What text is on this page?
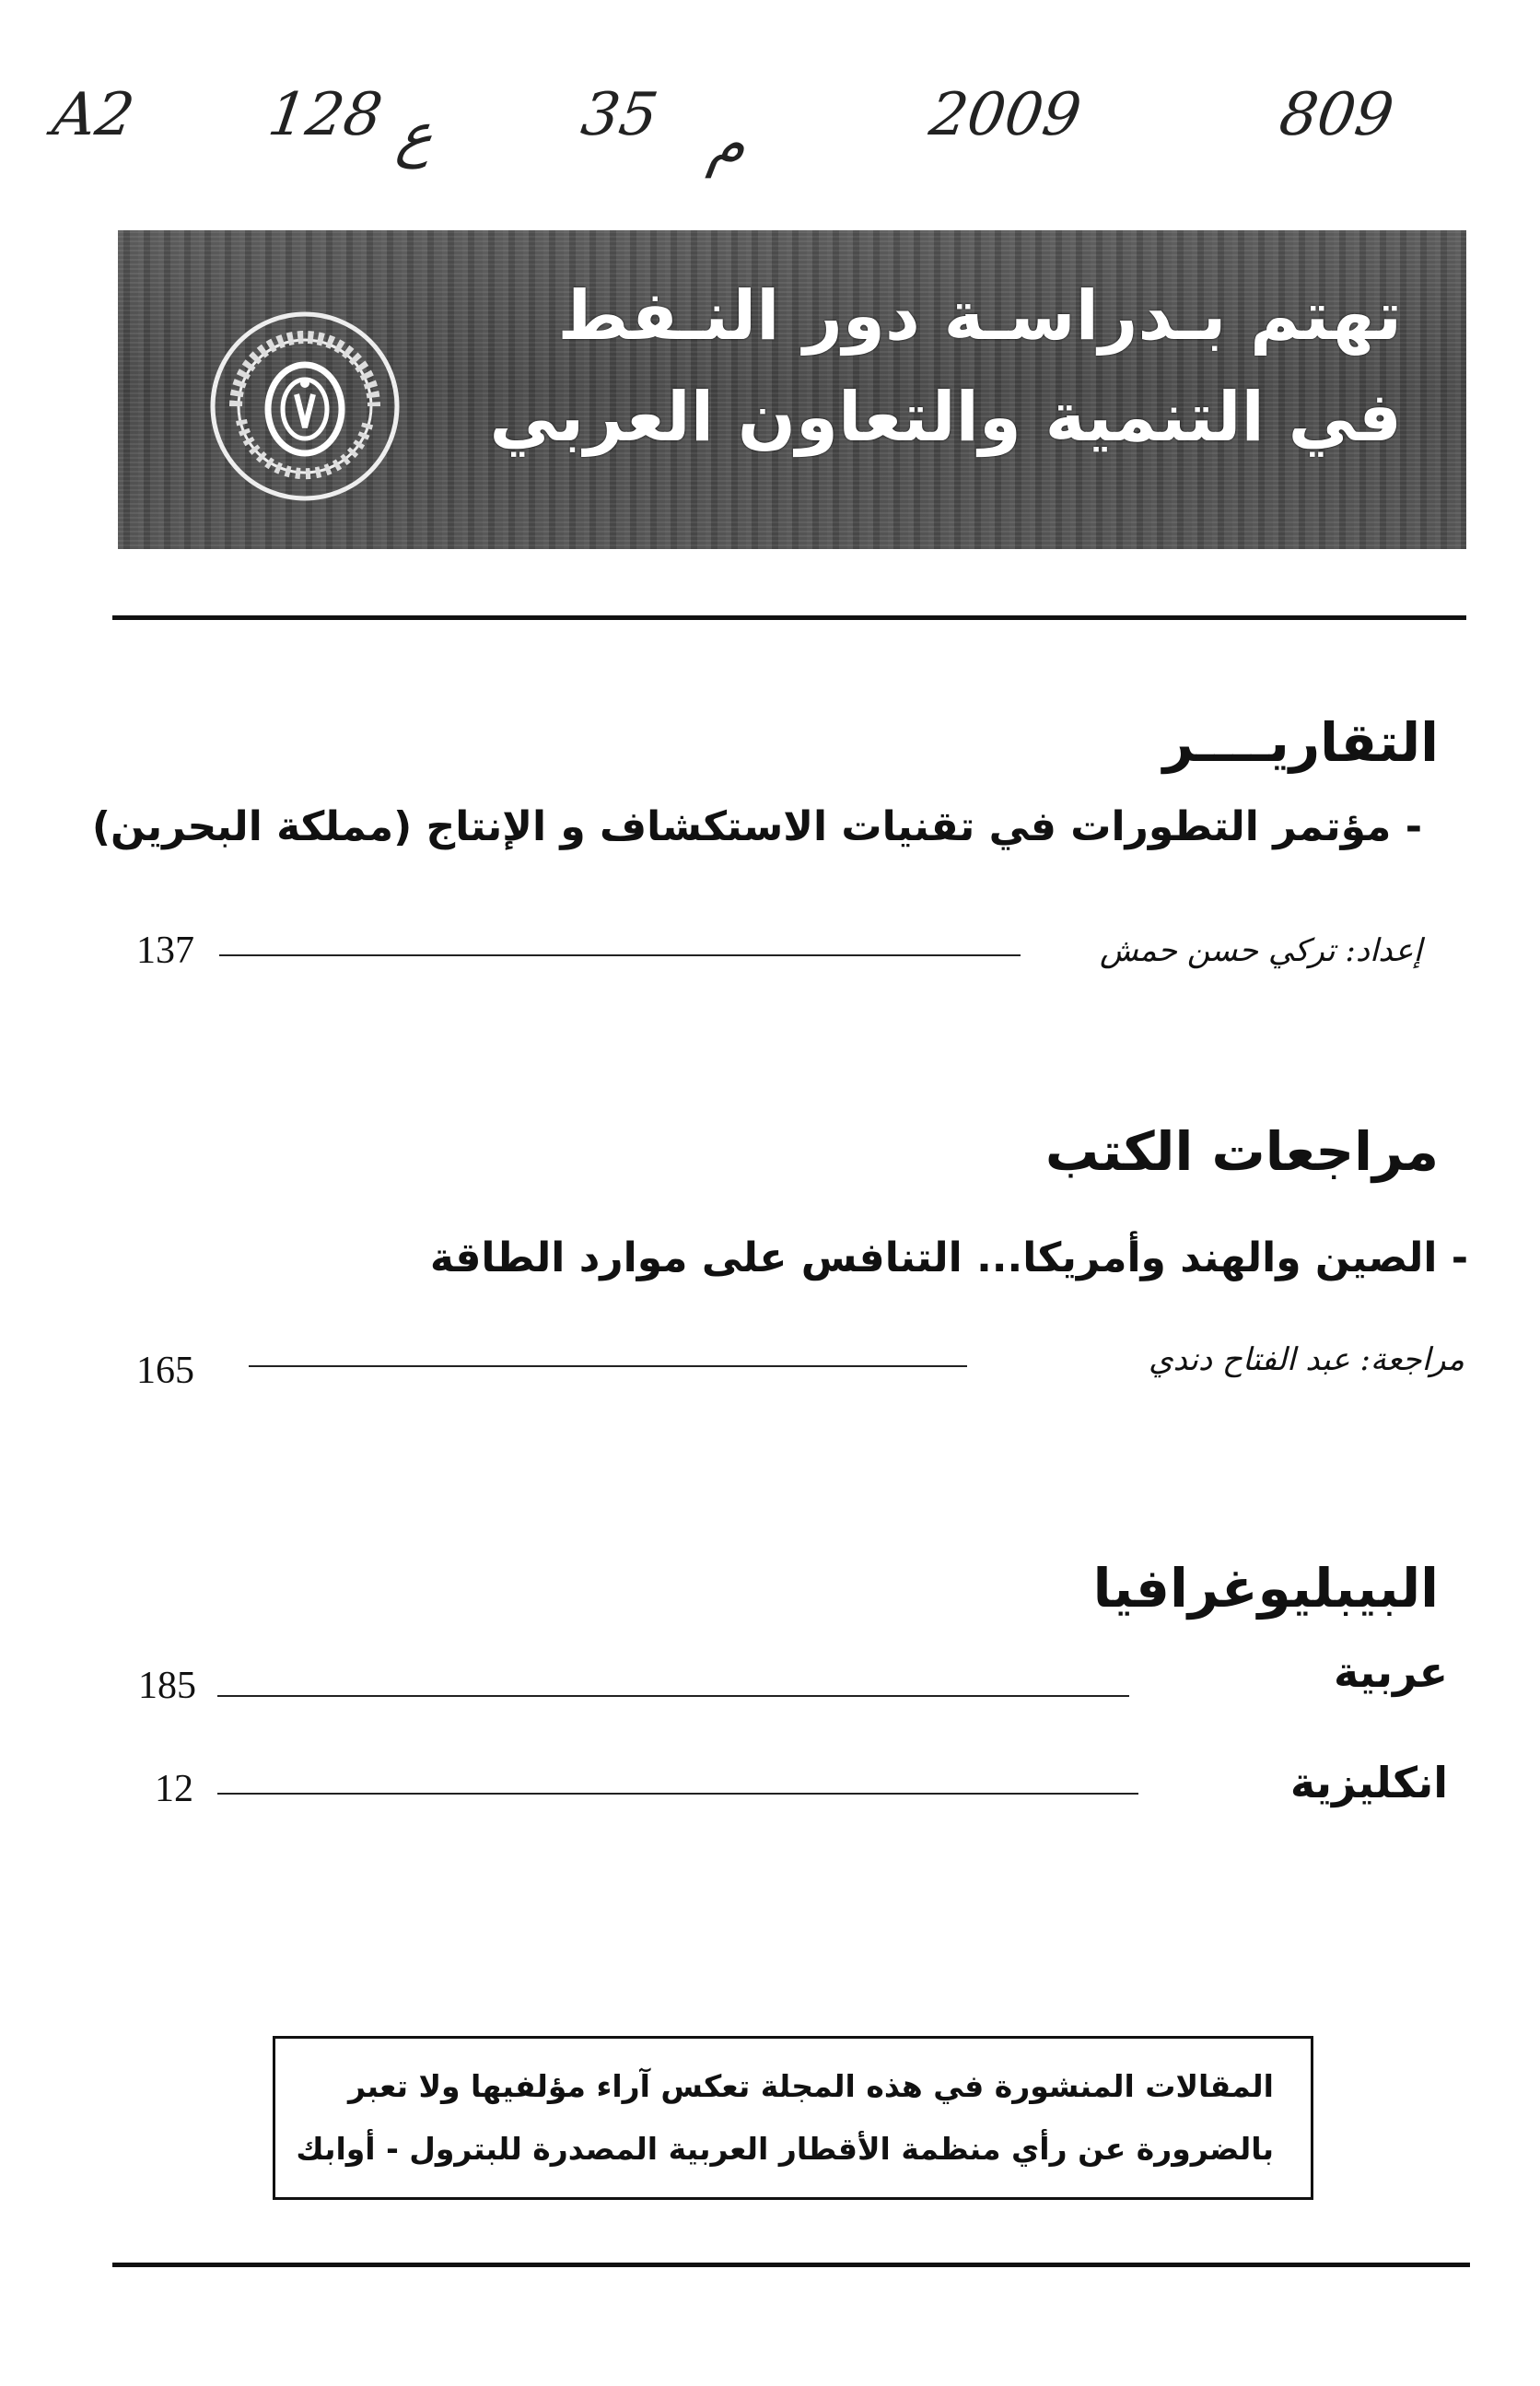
A2 128 ع 35 م	2009	809
تهتم بـدراسـة دور النـفط
في التنمية والتعاون العربي
التقاريــــر
- مؤتمر التطورات في تقنيات الاستكشاف و الإنتاج (مملكة البحرين)
إعداد: تركي حسن حمش
137
مراجعات الكتب
- الصين والهند وأمريكا... التنافس على موارد الطاقة
مراجعة: عبد الفتاح دندي
165
البيبليوغرافيا
عربية
185
انكليزية
12
المقالات المنشورة في هذه المجلة تعكس آراء مؤلفيها ولا تعبر
بالضرورة عن رأي منظمة الأقطار العربية المصدرة للبترول - أوابك
